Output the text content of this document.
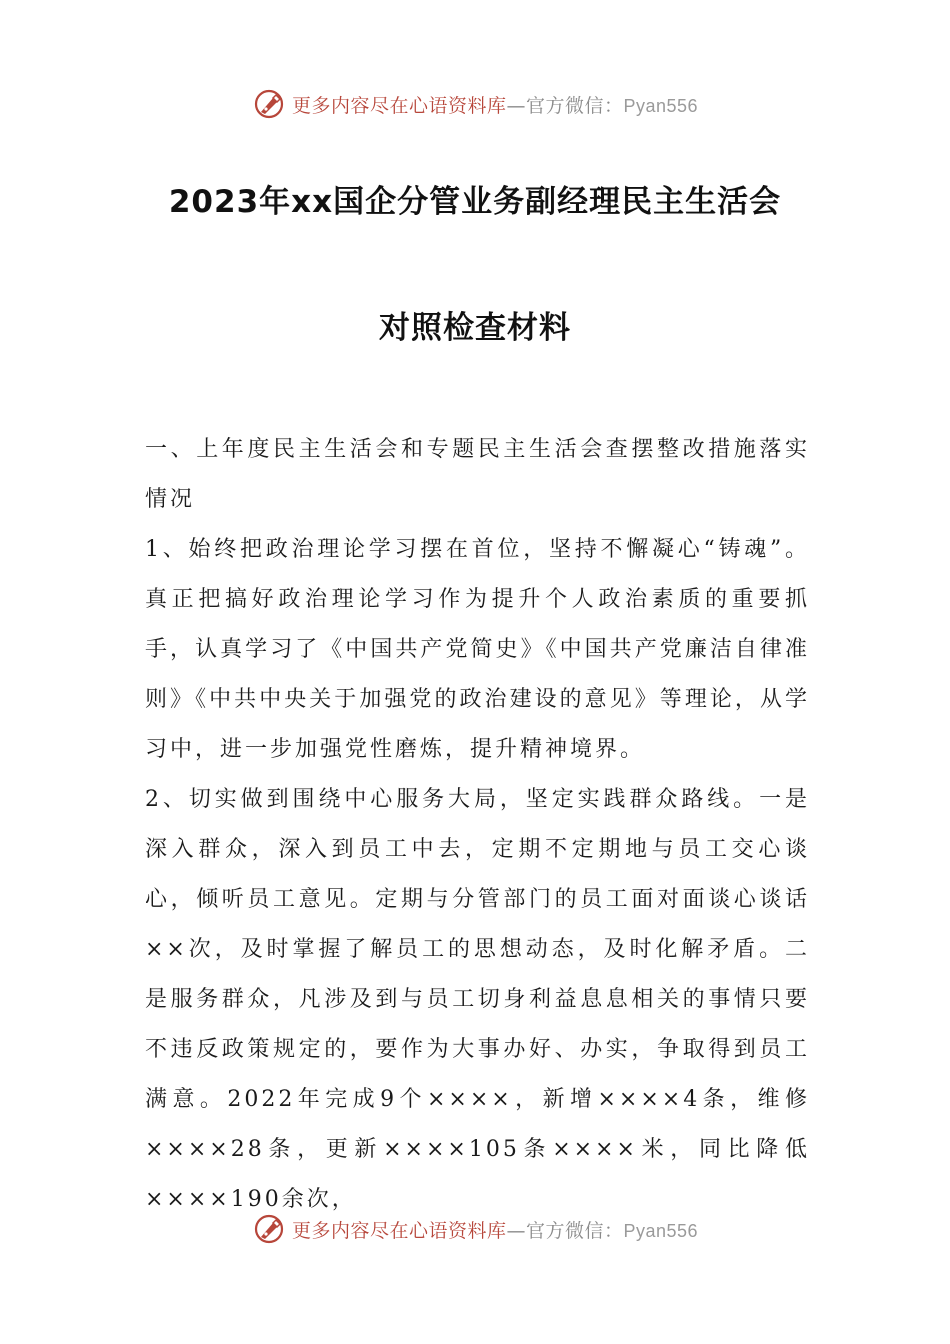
更多内容尽在心语资料库—官方微信：Pyan556
2023年xx国企分管业务副经理民主生活会
对照检查材料

一、上年度民主生活会和专题民主生活会查摆整改措施落实情况

1、始终把政治理论学习摆在首位，坚持不懈凝心“铸魂”。真正把搞好政治理论学习作为提升个人政治素质的重要抓手，认真学习了《中国共产党简史》《中国共产党廉洁自律准则》《中共中央关于加强党的政治建设的意见》等理论，从学习中，进一步加强党性磨炼，提升精神境界。

2、切实做到围绕中心服务大局，坚定实践群众路线。一是深入群众，深入到员工中去，定期不定期地与员工交心谈心，倾听员工意见。定期与分管部门的员工面对面谈心谈话××次，及时掌握了解员工的思想动态，及时化解矛盾。二是服务群众，凡涉及到与员工切身利益息息相关的事情只要不违反政策规定的，要作为大事办好、办实，争取得到员工满意。2022年完成9个××××，新增××××4条，维修××××28条，更新××××105条××××米，同比降低××××190余次，

更多内容尽在心语资料库—官方微信：Pyan556
